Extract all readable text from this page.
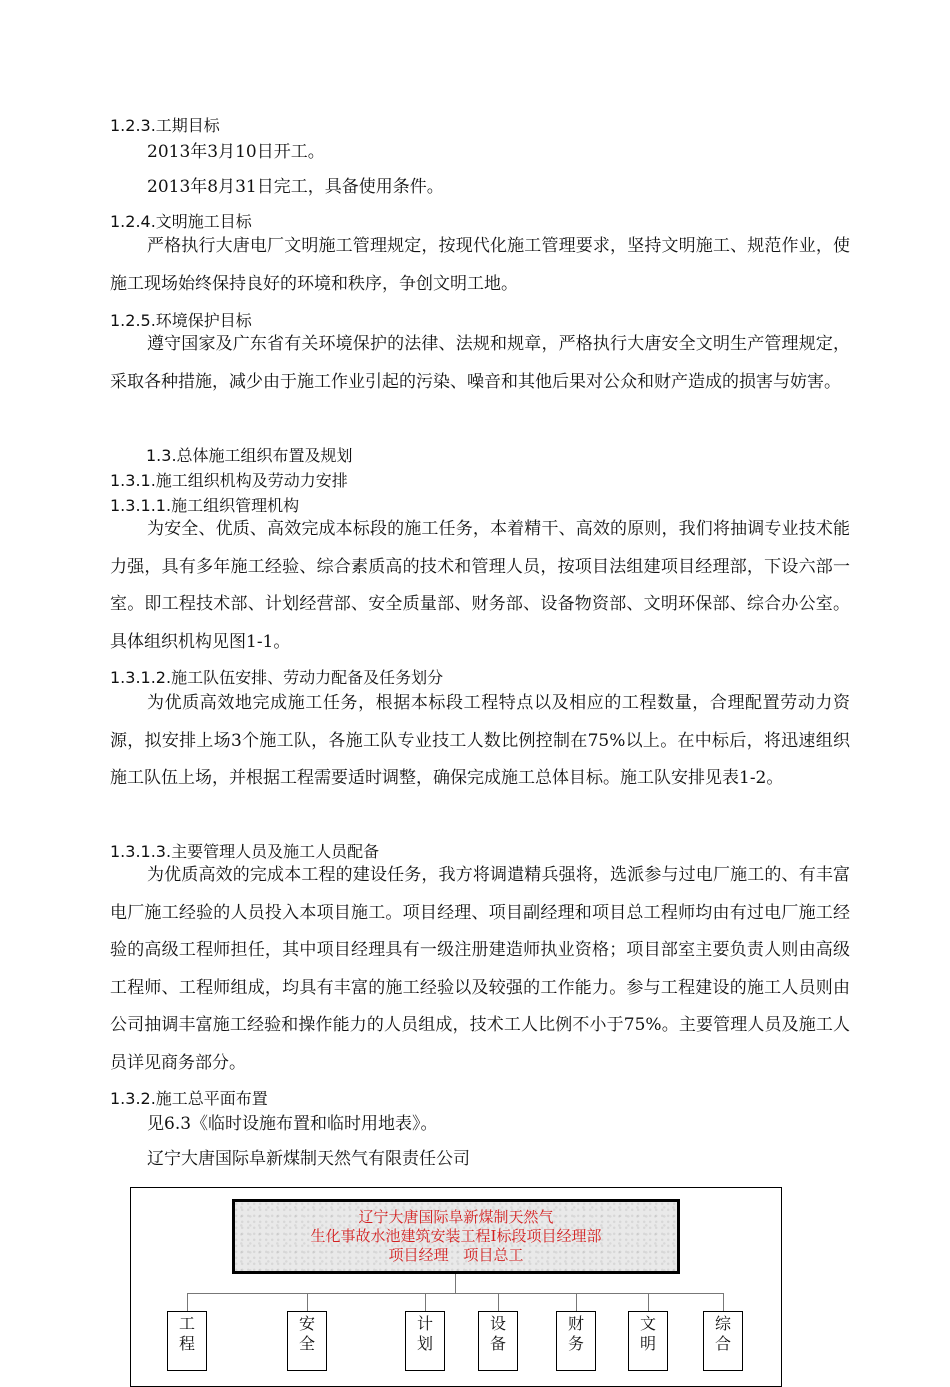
1.2.3.工期目标
2013年3月10日开工。
2013年8月31日完工，具备使用条件。
1.2.4.文明施工目标

严格执行大唐电厂文明施工管理规定，按现代化施工管理要求，坚持文明施工、规范作业，使施工现场始终保持良好的环境和秩序，争创文明工地。

1.2.5.环境保护目标

遵守国家及广东省有关环境保护的法律、法规和规章，严格执行大唐安全文明生产管理规定，采取各种措施，减少由于施工作业引起的污染、噪音和其他后果对公众和财产造成的损害与妨害。

1.3.总体施工组织布置及规划
1.3.1.施工组织机构及劳动力安排
1.3.1.1.施工组织管理机构

为安全、优质、高效完成本标段的施工任务，本着精干、高效的原则，我们将抽调专业技术能力强，具有多年施工经验、综合素质高的技术和管理人员，按项目法组建项目经理部，下设六部一室。即工程技术部、计划经营部、安全质量部、财务部、设备物资部、文明环保部、综合办公室。具体组织机构见图1-1。

1.3.1.2.施工队伍安排、劳动力配备及任务划分

为优质高效地完成施工任务，根据本标段工程特点以及相应的工程数量，合理配置劳动力资源，拟安排上场3个施工队，各施工队专业技工人数比例控制在75%以上。在中标后，将迅速组织施工队伍上场，并根据工程需要适时调整，确保完成施工总体目标。施工队安排见表1-2。

1.3.1.3.主要管理人员及施工人员配备

为优质高效的完成本工程的建设任务，我方将调遣精兵强将，选派参与过电厂施工的、有丰富电厂施工经验的人员投入本项目施工。项目经理、项目副经理和项目总工程师均由有过电厂施工经验的高级工程师担任，其中项目经理具有一级注册建造师执业资格；项目部室主要负责人则由高级工程师、工程师组成，均具有丰富的施工经验以及较强的工作能力。参与工程建设的施工人员则由公司抽调丰富施工经验和操作能力的人员组成，技术工人比例不小于75%。主要管理人员及施工人员详见商务部分。

1.3.2.施工总平面布置
见6.3《临时设施布置和临时用地表》。
辽宁大唐国际阜新煤制天然气有限责任公司
辽宁大唐国际阜新煤制天然气
生化事故水池建筑安装工程Ⅰ标段项目经理部
项目经理　项目总工
工程
安全
计划
设备
财务
文明
综合
